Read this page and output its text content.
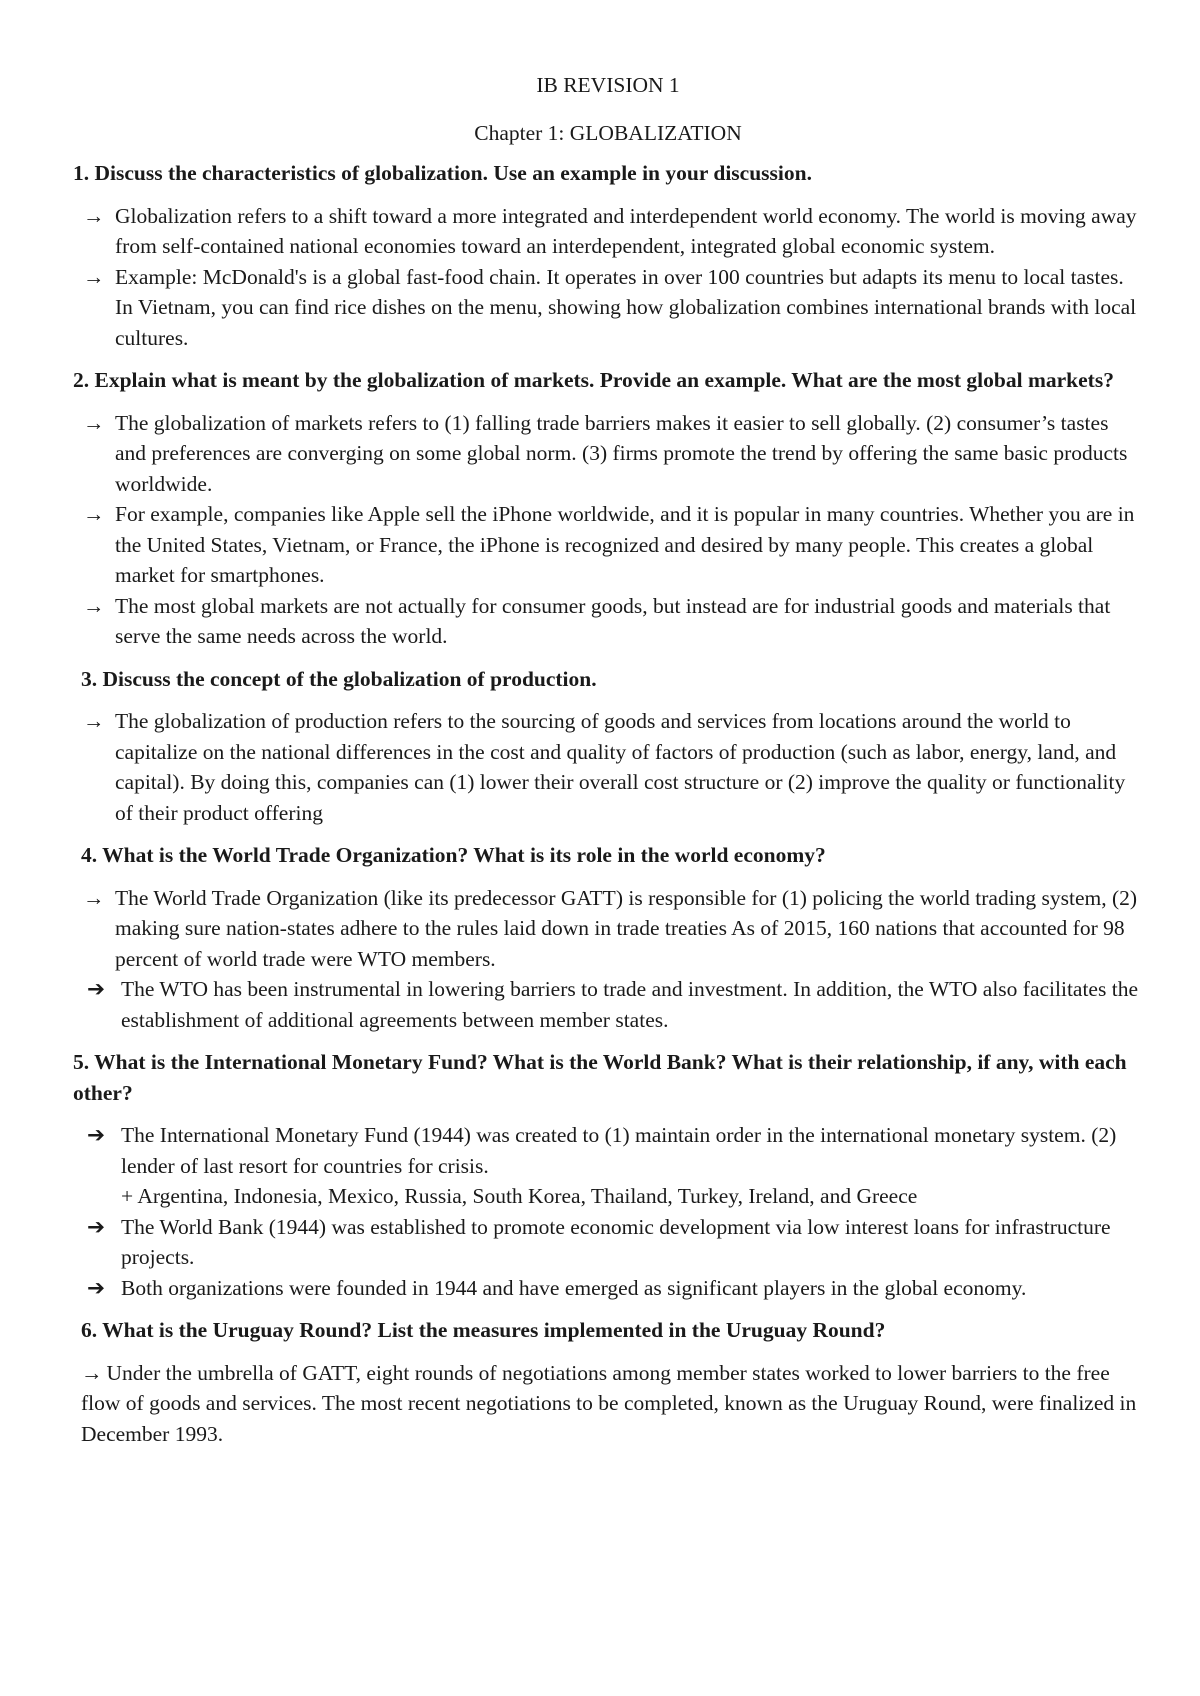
IB REVISION 1
Chapter 1: GLOBALIZATION
1. Discuss the characteristics of globalization. Use an example in your discussion.
→ Globalization refers to a shift toward a more integrated and interdependent world economy. The world is moving away from self-contained national economies toward an interdependent, integrated global economic system.
→ Example: McDonald's is a global fast-food chain. It operates in over 100 countries but adapts its menu to local tastes. In Vietnam, you can find rice dishes on the menu, showing how globalization combines international brands with local cultures.
2. Explain what is meant by the globalization of markets. Provide an example. What are the most global markets?
→ The globalization of markets refers to (1) falling trade barriers makes it easier to sell globally. (2) consumer’s tastes and preferences are converging on some global norm. (3) firms promote the trend by offering the same basic products worldwide.
→ For example, companies like Apple sell the iPhone worldwide, and it is popular in many countries. Whether you are in the United States, Vietnam, or France, the iPhone is recognized and desired by many people. This creates a global market for smartphones.
→ The most global markets are not actually for consumer goods, but instead are for industrial goods and materials that serve the same needs across the world.
3. Discuss the concept of the globalization of production.
→ The globalization of production refers to the sourcing of goods and services from locations around the world to capitalize on the national differences in the cost and quality of factors of production (such as labor, energy, land, and capital). By doing this, companies can (1) lower their overall cost structure or (2) improve the quality or functionality of their product offering
4. What is the World Trade Organization? What is its role in the world economy?
→ The World Trade Organization (like its predecessor GATT) is responsible for (1) policing the world trading system, (2) making sure nation-states adhere to the rules laid down in trade treaties As of 2015, 160 nations that accounted for 98 percent of world trade were WTO members.
➔ The WTO has been instrumental in lowering barriers to trade and investment. In addition, the WTO also facilitates the establishment of additional agreements between member states.
5. What is the International Monetary Fund? What is the World Bank? What is their relationship, if any, with each other?
➔ The International Monetary Fund (1944) was created to (1) maintain order in the international monetary system. (2) lender of last resort for countries for crisis.
+ Argentina, Indonesia, Mexico, Russia, South Korea, Thailand, Turkey, Ireland, and Greece
➔ The World Bank (1944) was established to promote economic development via low interest loans for infrastructure projects.
➔ Both organizations were founded in 1944 and have emerged as significant players in the global economy.
6. What is the Uruguay Round? List the measures implemented in the Uruguay Round?

→ Under the umbrella of GATT, eight rounds of negotiations among member states worked to lower barriers to the free flow of goods and services. The most recent negotiations to be completed, known as the Uruguay Round, were finalized in December 1993.
